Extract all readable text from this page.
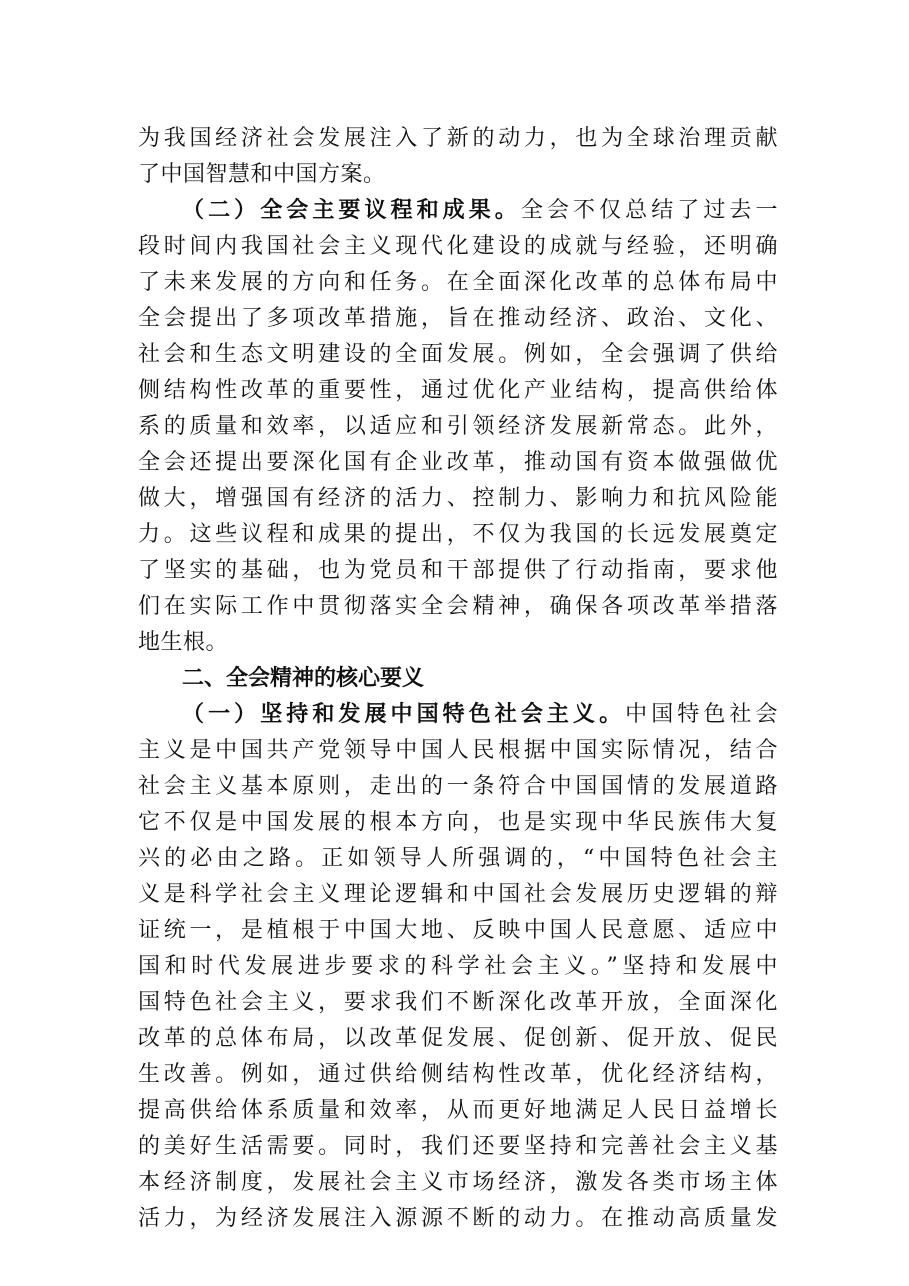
为我国经济社会发展注入了新的动力，也为全球治理贡献
了中国智慧和中国方案。
（二）全会主要议程和成果。全会不仅总结了过去一
段时间内我国社会主义现代化建设的成就与经验，还明确
了未来发展的方向和任务。在全面深化改革的总体布局中
全会提出了多项改革措施，旨在推动经济、政治、文化、
社会和生态文明建设的全面发展。例如，全会强调了供给
侧结构性改革的重要性，通过优化产业结构，提高供给体
系的质量和效率，以适应和引领经济发展新常态。此外，
全会还提出要深化国有企业改革，推动国有资本做强做优
做大，增强国有经济的活力、控制力、影响力和抗风险能
力。这些议程和成果的提出，不仅为我国的长远发展奠定
了坚实的基础，也为党员和干部提供了行动指南，要求他
们在实际工作中贯彻落实全会精神，确保各项改革举措落
地生根。
二、全会精神的核心要义
（一）坚持和发展中国特色社会主义。中国特色社会
主义是中国共产党领导中国人民根据中国实际情况，结合
社会主义基本原则，走出的一条符合中国国情的发展道路
它不仅是中国发展的根本方向，也是实现中华民族伟大复
兴的必由之路。正如领导人所强调的，“中国特色社会主
义是科学社会主义理论逻辑和中国社会发展历史逻辑的辩
证统一，是植根于中国大地、反映中国人民意愿、适应中
国和时代发展进步要求的科学社会主义。”坚持和发展中
国特色社会主义，要求我们不断深化改革开放，全面深化
改革的总体布局，以改革促发展、促创新、促开放、促民
生改善。例如，通过供给侧结构性改革，优化经济结构，
提高供给体系质量和效率，从而更好地满足人民日益增长
的美好生活需要。同时，我们还要坚持和完善社会主义基
本经济制度，发展社会主义市场经济，激发各类市场主体
活力，为经济发展注入源源不断的动力。在推动高质量发
